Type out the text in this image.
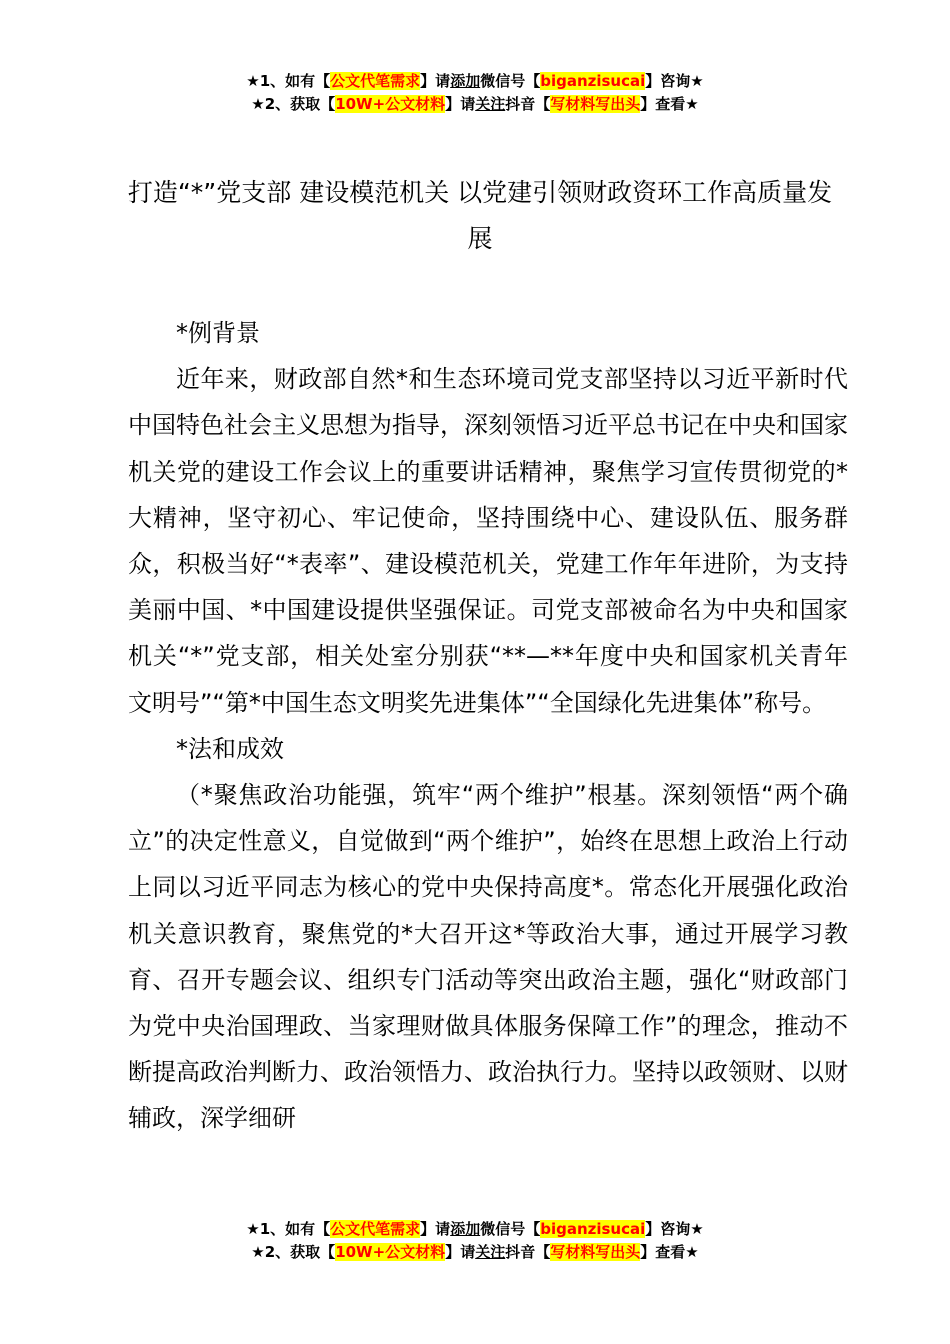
★1、如有【公文代笔需求】请添加微信号【biganzisucai】咨询★
★2、获取【10W+公文材料】请关注抖音【写材料写出头】查看★
打造“*”党支部 建设模范机关 以党建引领财政资环工作高质量发展

*例背景

近年来，财政部自然*和生态环境司党支部坚持以习近平新时代中国特色社会主义思想为指导，深刻领悟习近平总书记在中央和国家机关党的建设工作会议上的重要讲话精神，聚焦学习宣传贯彻党的*大精神，坚守初心、牢记使命，坚持围绕中心、建设队伍、服务群众，积极当好“*表率”、建设模范机关，党建工作年年进阶，为支持美丽中国、*中国建设提供坚强保证。司党支部被命名为中央和国家机关“*”党支部，相关处室分别获“**—**年度中央和国家机关青年文明号”“第*中国生态文明奖先进集体”“全国绿化先进集体”称号。

*法和成效

（*聚焦政治功能强，筑牢“两个维护”根基。深刻领悟“两个确立”的决定性意义，自觉做到“两个维护”，始终在思想上政治上行动上同以习近平同志为核心的党中央保持高度*。常态化开展强化政治机关意识教育，聚焦党的*大召开这*等政治大事，通过开展学习教育、召开专题会议、组织专门活动等突出政治主题，强化“财政部门为党中央治国理政、当家理财做具体服务保障工作”的理念，推动不断提高政治判断力、政治领悟力、政治执行力。坚持以政领财、以财辅政，深学细研

★1、如有【公文代笔需求】请添加微信号【biganzisucai】咨询★
★2、获取【10W+公文材料】请关注抖音【写材料写出头】查看★
